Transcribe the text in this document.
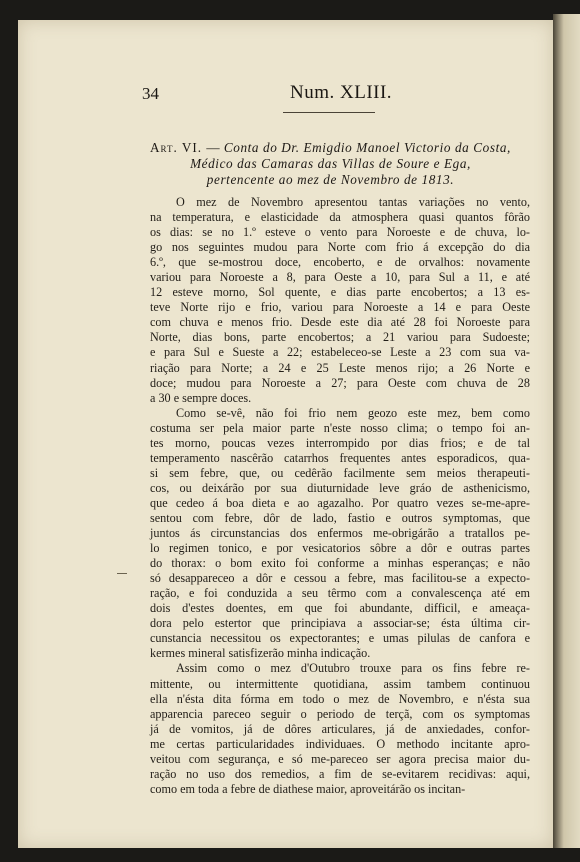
34	Num. XLIII.
Art. VI. — Conta do Dr. Emigdio Manoel Victorio da Costa,
Médico das Camaras das Villas de Soure e Ega,
pertencente ao mez de Novembro de 1813.
O mez de Novembro apresentou tantas variações no vento,
na temperatura, e elasticidade da atmosphera quasi quantos fôrão
os dias: se no 1.º esteve o vento para Noroeste e de chuva, lo-
go nos seguintes mudou para Norte com frio á excepção do dia
6.º, que se-mostrou doce, encoberto, e de orvalhos: novamente
variou para Noroeste a 8, para Oeste a 10, para Sul a 11, e até
12 esteve morno, Sol quente, e dias parte encobertos; a 13 es-
teve Norte rijo e frio, variou para Noroeste a 14 e para Oeste
com chuva e menos frio. Desde este dia até 28 foi Noroeste para
Norte, dias bons, parte encobertos; a 21 variou para Sudoeste;
e para Sul e Sueste a 22; estabeleceo-se Leste a 23 com sua va-
riação para Norte; a 24 e 25 Leste menos rijo; a 26 Norte e
doce; mudou para Noroeste a 27; para Oeste com chuva de 28
a 30 e sempre doces.
Como se-vê, não foi frio nem geozo este mez, bem como
costuma ser pela maior parte n'este nosso clima; o tempo foi an-
tes morno, poucas vezes interrompido por dias frios; e de tal
temperamento nascêrão catarrhos frequentes antes esporadicos, qua-
si sem febre, que, ou cedêrão facilmente sem meios therapeuti-
cos, ou deixárão por sua diuturnidade leve gráo de asthenicismo,
que cedeo á boa dieta e ao agazalho. Por quatro vezes se-me-apre-
sentou com febre, dôr de lado, fastio e outros symptomas, que
juntos ás circunstancias dos enfermos me-obrigárão a tratallos pe-
lo regimen tonico, e por vesicatorios sôbre a dôr e outras partes
do thorax: o bom exito foi conforme a minhas esperanças; e não
só desappareceo a dôr e cessou a febre, mas facilitou-se a expecto-
ração, e foi conduzida a seu têrmo com a convalescença até em
dois d'estes doentes, em que foi abundante, difficil, e ameaça-
dora pelo estertor que principiava a associar-se; ésta última cir-
cunstancia necessitou os expectorantes; e umas pilulas de canfora e
kermes mineral satisfizerão minha indicação.
Assim como o mez d'Outubro trouxe para os fins febre re-
mittente, ou intermittente quotidiana, assim tambem continuou
ella n'ésta dita fórma em todo o mez de Novembro, e n'ésta sua
apparencia pareceo seguir o periodo de terçã, com os symptomas
já de vomitos, já de dôres articulares, já de anxiedades, confor-
me certas particularidades individuaes. O methodo incitante apro-
veitou com segurança, e só me-pareceo ser agora precisa maior du-
ração no uso dos remedios, a fim de se-evitarem recidivas: aqui,
como em toda a febre de diathese maior, aproveitárão os incitan-
